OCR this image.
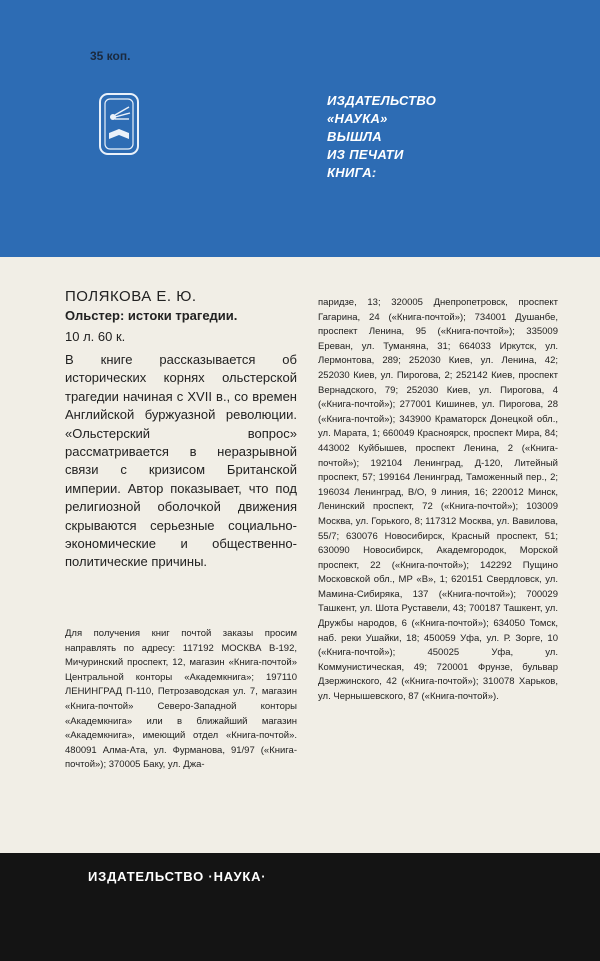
35 коп.
ИЗДАТЕЛЬСТВО
«НАУКА»
ВЫШЛА
ИЗ ПЕЧАТИ
КНИГА:
ПОЛЯКОВА Е. Ю.
Ольстер: истоки трагедии.
10 л. 60 к.
В книге рассказывается об исторических корнях ольстерской трагедии начиная с XVII в., со времен Английской буржуазной революции. «Ольстерский вопрос» рассматривается в неразрывной связи с кризисом Британской империи. Автор показывает, что под религиозной оболочкой движения скрываются серьезные социально-экономические и общественно-политические причины.
Для получения книг почтой заказы просим направлять по адресу: 117192 МОСКВА В-192, Мичуринский проспект, 12, магазин «Книга-почтой» Центральной конторы «Академкнига»; 197110 ЛЕНИНГРАД П-110, Петрозаводская ул. 7, магазин «Книга-почтой» Северо-Западной конторы «Академкнига» или в ближайший магазин «Академкнига», имеющий отдел «Книга-почтой». 480091 Алма-Ата, ул. Фурманова, 91/97 («Книга-почтой»); 370005 Баку, ул. Джа-
паридзе, 13; 320005 Днепропетровск, проспект Гагарина, 24 («Книга-почтой»); 734001 Душанбе, проспект Ленина, 95 («Книга-почтой»); 335009 Ереван, ул. Туманяна, 31; 664033 Иркутск, ул. Лермонтова, 289; 252030 Киев, ул. Ленина, 42; 252030 Киев, ул. Пирогова, 2; 252142 Киев, проспект Вернадского, 79; 252030 Киев, ул. Пирогова, 4 («Книга-почтой»); 277001 Кишинев, ул. Пирогова, 28 («Книга-почтой»); 343900 Краматорск Донецкой обл., ул. Марата, 1; 660049 Красноярск, проспект Мира, 84; 443002 Куйбышев, проспект Ленина, 2 («Книга-почтой»); 192104 Ленинград, Д-120, Литейный проспект, 57; 199164 Ленинград, Таможенный пер., 2; 196034 Ленинград, В/О, 9 линия, 16; 220012 Минск, Ленинский проспект, 72 («Книга-почтой»); 103009 Москва, ул. Горького, 8; 117312 Москва, ул. Вавилова, 55/7; 630076 Новосибирск, Красный проспект, 51; 630090 Новосибирск, Академгородок, Морской проспект, 22 («Книга-почтой»); 142292 Пущино Московской обл., МР «В», 1; 620151 Свердловск, ул. Мамина-Сибиряка, 137 («Книга-почтой»); 700029 Ташкент, ул. Шота Руставели, 43; 700187 Ташкент, ул. Дружбы народов, 6 («Книга-почтой»); 634050 Томск, наб. реки Ушайки, 18; 450059 Уфа, ул. Р. Зорге, 10 («Книга-почтой»); 450025 Уфа, ул. Коммунистическая, 49; 720001 Фрунзе, бульвар Дзержинского, 42 («Книга-почтой»); 310078 Харьков, ул. Чернышевского, 87 («Книга-почтой»).
ИЗДАТЕЛЬСТВО ·НАУКА·
